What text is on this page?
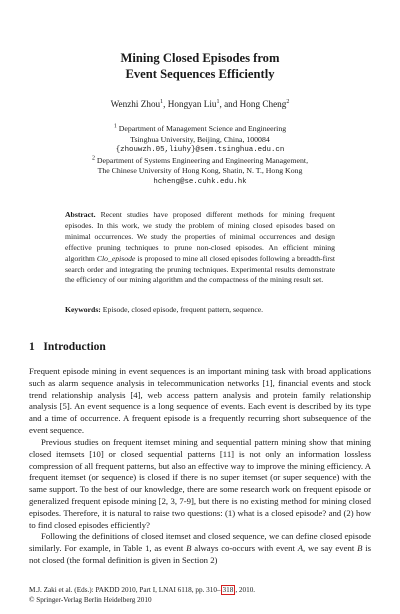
Mining Closed Episodes from
Event Sequences Efficiently
Wenzhi Zhou$^1$, Hongyan Liu$^1$, and Hong Cheng$^2$
$^1$ Department of Management Science and Engineering
Tsinghua University, Beijing, China, 100084
{zhouwzh.05,liuhy}@sem.tsinghua.edu.cn
$^2$ Department of Systems Engineering and Engineering Management,
The Chinese University of Hong Kong, Shatin, N. T., Hong Kong
hcheng@se.cuhk.edu.hk
Abstract. Recent studies have proposed different methods for mining frequent episodes. In this work, we study the problem of mining closed episodes based on minimal occurrences. We study the properties of minimal occurrences and design effective pruning techniques to prune non-closed episodes. An efficient mining algorithm Clo_episode is proposed to mine all closed episodes following a breadth-first search order and integrating the pruning techniques. Experimental results demonstrate the efficiency of our mining algorithm and the compactness of the mining result set.
Keywords: Episode, closed episode, frequent pattern, sequence.
1 Introduction

Frequent episode mining in event sequences is an important mining task with broad applications such as alarm sequence analysis in telecommunication networks [1], financial events and stock trend relationship analysis [4], web access pattern analysis and protein family relationship analysis [5]. An event sequence is a long sequence of events. Each event is described by its type and a time of occurrence. A frequent episode is a frequently recurring short subsequence of the event sequence.

Previous studies on frequent itemset mining and sequential pattern mining show that mining closed itemsets [10] or closed sequential patterns [11] is not only an information lossless compression of all frequent patterns, but also an effective way to improve the mining efficiency. A frequent itemset (or sequence) is closed if there is no super itemset (or super sequence) with the same support. To the best of our knowledge, there are some research work on frequent episode or generalized frequent episode mining [2, 3, 7-9], but there is no existing method for mining closed episodes. Therefore, it is natural to raise two questions: (1) what is a closed episode? and (2) how to find closed episodes efficiently?

Following the definitions of closed itemset and closed sequence, we can define closed episode similarly. For example, in Table 1, as event B always co-occurs with event A, we say event B is not closed (the formal definition is given in Section 2)

M.J. Zaki et al. (Eds.): PAKDD 2010, Part I, LNAI 6118, pp. 310– 318 , 2010.
© Springer-Verlag Berlin Heidelberg 2010
